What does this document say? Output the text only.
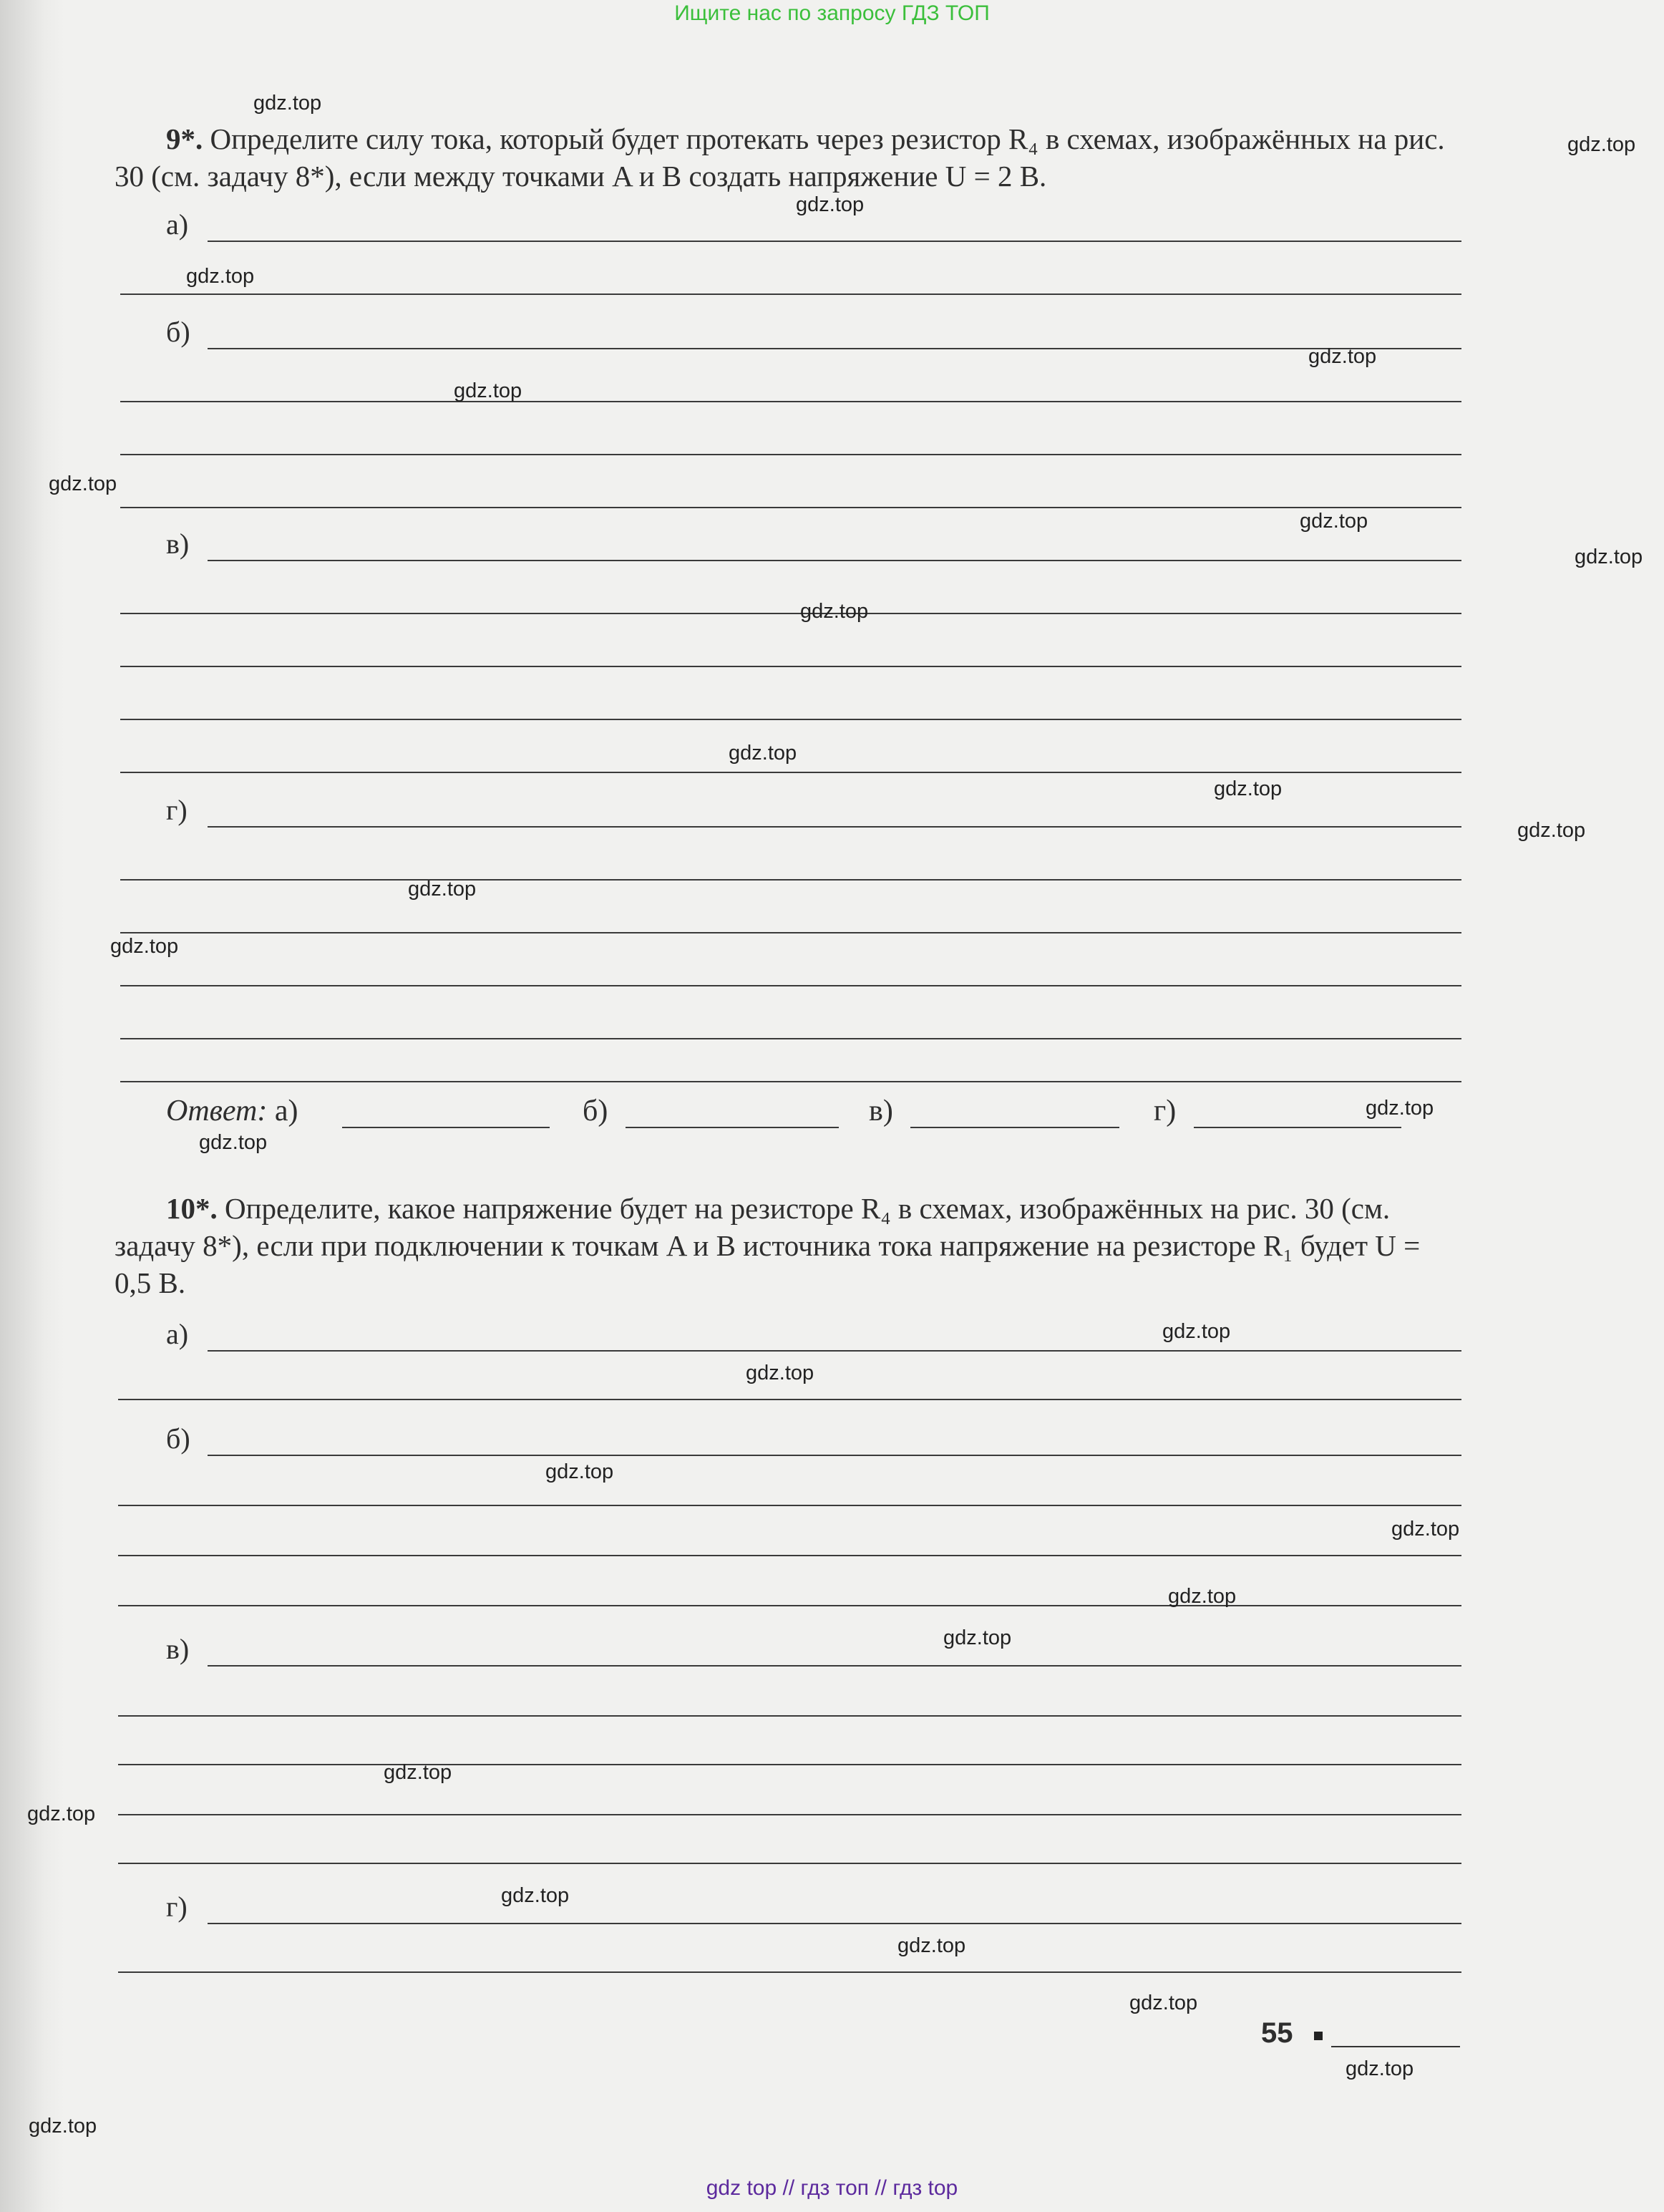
Ищите нас по запросу ГДЗ ТОП

9*. Определите силу тока, который будет протекать через резистор R₄ в схемах, изображённых на рис. 30 (см. задачу 8*), если между точками A и B создать напряжение U = 2 В.

а)
б)
в)
г)
Ответ: а)	б)	в)	г)

10*. Определите, какое напряжение будет на резисторе R₄ в схемах, изображённых на рис. 30 (см. задачу 8*), если при подключении к точкам A и B источника тока напряжение на резисторе R₁ будет U = 0,5 В.

а)
б)
в)
г)
55
gdz.top
gdz.top
gdz.top
gdz.top
gdz.top
gdz.top
gdz.top
gdz.top
gdz.top
gdz.top
gdz.top
gdz.top
gdz.top
gdz.top
gdz.top
gdz.top
gdz.top
gdz.top
gdz.top
gdz.top
gdz.top
gdz.top
gdz.top
gdz.top
gdz.top
gdz.top
gdz.top
gdz.top
gdz.top
gdz.top
gdz top // гдз топ // гдз top
